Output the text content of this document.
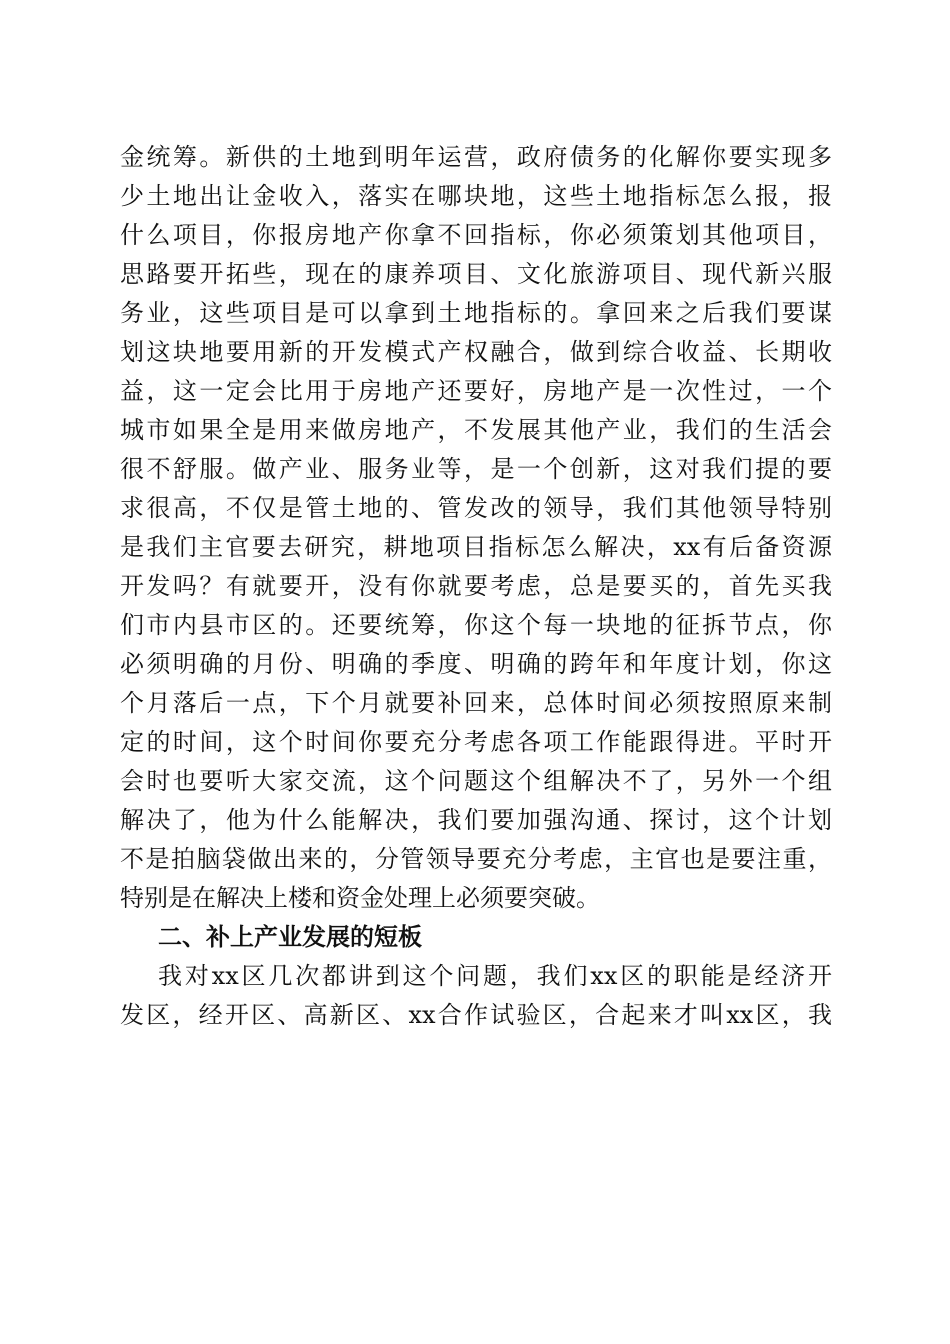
金统筹。新供的土地到明年运营，政府债务的化解你要实现多
少土地出让金收入，落实在哪块地，这些土地指标怎么报，报
什么项目，你报房地产你拿不回指标，你必须策划其他项目，
思路要开拓些，现在的康养项目、文化旅游项目、现代新兴服
务业，这些项目是可以拿到土地指标的。拿回来之后我们要谋
划这块地要用新的开发模式产权融合，做到综合收益、长期收
益，这一定会比用于房地产还要好，房地产是一次性过，一个
城市如果全是用来做房地产，不发展其他产业，我们的生活会
很不舒服。做产业、服务业等，是一个创新，这对我们提的要
求很高，不仅是管土地的、管发改的领导，我们其他领导特别
是我们主官要去研究，耕地项目指标怎么解决，xx有后备资源
开发吗？有就要开，没有你就要考虑，总是要买的，首先买我
们市内县市区的。还要统筹，你这个每一块地的征拆节点，你
必须明确的月份、明确的季度、明确的跨年和年度计划，你这
个月落后一点，下个月就要补回来，总体时间必须按照原来制
定的时间，这个时间你要充分考虑各项工作能跟得进。平时开
会时也要听大家交流，这个问题这个组解决不了，另外一个组
解决了，他为什么能解决，我们要加强沟通、探讨，这个计划
不是拍脑袋做出来的，分管领导要充分考虑，主官也是要注重，
特别是在解决上楼和资金处理上必须要突破。
二、补上产业发展的短板
我对xx区几次都讲到这个问题，我们xx区的职能是经济开
发区，经开区、高新区、xx合作试验区，合起来才叫xx区，我
